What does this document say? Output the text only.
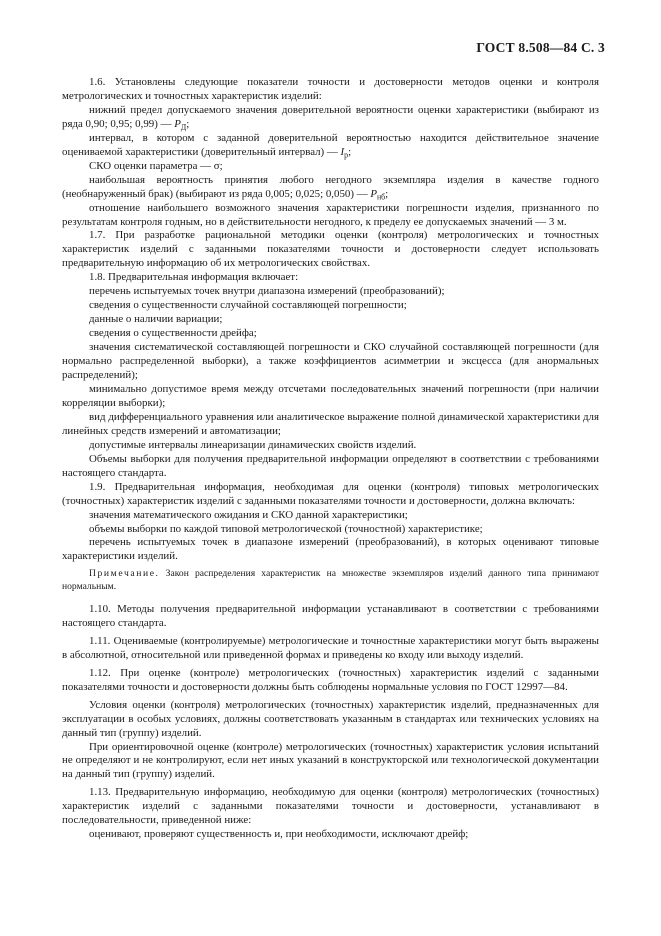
ГОСТ 8.508—84 С. 3

1.6. Установлены следующие показатели точности и достоверности методов оценки и контроля метрологических и точностных характеристик изделий:

нижний предел допускаемого значения доверительной вероятности оценки характеристики (выбирают из ряда 0,90; 0,95; 0,99) — $P_Д$;

интервал, в котором с заданной доверительной вероятностью находится действительное значение оцениваемой характеристики (доверительный интервал) — $I_р$;

СКО оценки параметра — σ;

наибольшая вероятность принятия любого негодного экземпляра изделия в качестве годного (необнаруженный брак) (выбирают из ряда 0,005; 0,025; 0,050) — $P_{нб}$;

отношение наибольшего возможного значения характеристики погрешности изделия, признанного по результатам контроля годным, но в действительности негодного, к пределу ее допускаемых значений — 3 м.

1.7. При разработке рациональной методики оценки (контроля) метрологических и точностных характеристик изделий с заданными показателями точности и достоверности следует использовать предварительную информацию об их метрологических свойствах.

1.8. Предварительная информация включает:

перечень испытуемых точек внутри диапазона измерений (преобразований);

сведения о существенности случайной составляющей погрешности;

данные о наличии вариации;

сведения о существенности дрейфа;

значения систематической составляющей погрешности и СКО случайной составляющей погрешности (для нормально распределенной выборки), а также коэффициентов асимметрии и эксцесса (для анормальных распределений);

минимально допустимое время между отсчетами последовательных значений погрешности (при наличии корреляции выборки);

вид дифференциального уравнения или аналитическое выражение полной динамической характеристики для линейных средств измерений и автоматизации;

допустимые интервалы линеаризации динамических свойств изделий.

Объемы выборки для получения предварительной информации определяют в соответствии с требованиями настоящего стандарта.

1.9. Предварительная информация, необходимая для оценки (контроля) типовых метрологических (точностных) характеристик изделий с заданными показателями точности и достоверности, должна включать:

значения математического ожидания и СКО данной характеристики;

объемы выборки по каждой типовой метрологической (точностной) характеристике;

перечень испытуемых точек в диапазоне измерений (преобразований), в которых оценивают типовые характеристики изделий.

Примечание. Закон распределения характеристик на множестве экземпляров изделий данного типа принимают нормальным.

1.10. Методы получения предварительной информации устанавливают в соответствии с требованиями настоящего стандарта.

1.11. Оцениваемые (контролируемые) метрологические и точностные характеристики могут быть выражены в абсолютной, относительной или приведенной формах и приведены ко входу или выходу изделий.

1.12. При оценке (контроле) метрологических (точностных) характеристик изделий с заданными показателями точности и достоверности должны быть соблюдены нормальные условия по ГОСТ 12997—84.

Условия оценки (контроля) метрологических (точностных) характеристик изделий, предназначенных для эксплуатации в особых условиях, должны соответствовать указанным в стандартах или технических условиях на данный тип (группу) изделий.

При ориентировочной оценке (контроле) метрологических (точностных) характеристик условия испытаний не определяют и не контролируют, если нет иных указаний в конструкторской или технологической документации на данный тип (группу) изделий.

1.13. Предварительную информацию, необходимую для оценки (контроля) метрологических (точностных) характеристик изделий с заданными показателями точности и достоверности, устанавливают в последовательности, приведенной ниже:

оценивают, проверяют существенность и, при необходимости, исключают дрейф;
